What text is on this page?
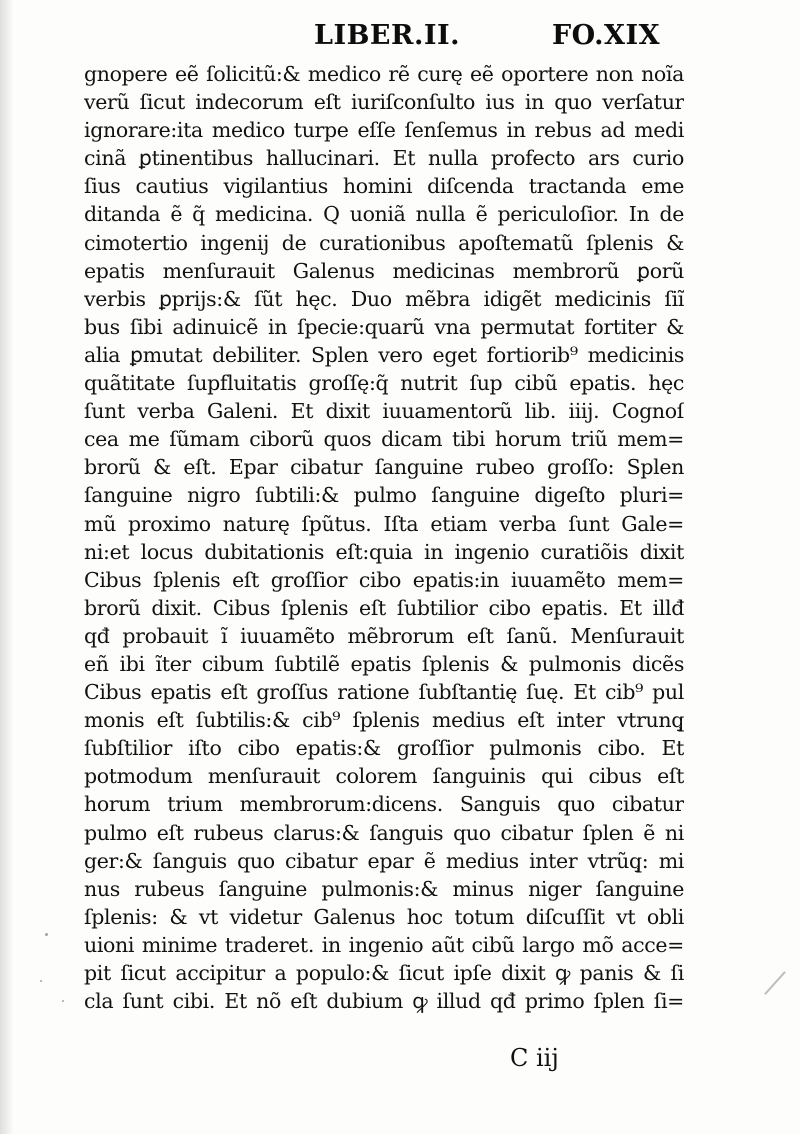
LIBER.II.	FO.XIX
gnopere eẽ ſolicitũ:& medico rẽ curę eẽ oportere non noĩa
verũ ſicut indecorum eſt iuriſconſulto ius in quo verſatur
ignorare:ita medico turpe eſſe ſenſemus in rebus ad medi
cinã ꝑtinentibus hallucinari. Et nulla profecto ars curio
ſius cautius vigilantius homini diſcenda tractanda eme
ditanda ẽ q̃ medicina. Q uoniã nulla ẽ periculoſior. In de
cimotertio ingenij de curationibus apoſtematũ ſplenis &
epatis menſurauit Galenus medicinas membrorũ ꝑorũ
verbis ꝑprijs:& ſũt hęc. Duo mẽbra idigẽt medicinis ſiĩ
bus ſibi adinuicẽ in ſpecie:quarũ vna permutat fortiter &
alia ꝑmutat debiliter. Splen vero eget fortiorib⁹ medicinis
quãtitate ſupfluitatis groſſę:q̃ nutrit ſup cibũ epatis. hęc
ſunt verba Galeni. Et dixit iuuamentorũ lib. iiij. Cognoſ
cea me ſũmam ciborũ quos dicam tibi horum triũ mem=
brorũ & eſt. Epar cibatur ſanguine rubeo groſſo: Splen
ſanguine nigro ſubtili:& pulmo ſanguine digeſto pluri=
mũ proximo naturę ſpũtus. Iſta etiam verba ſunt Gale=
ni:et locus dubitationis eſt:quia in ingenio curatiõis dixit
Cibus ſplenis eſt groſſior cibo epatis:in iuuamẽto mem=
brorũ dixit. Cibus ſplenis eſt ſubtilior cibo epatis. Et illđ
qđ probauit ĩ iuuamẽto mẽbrorum eſt ſanũ. Menſurauit
eñ ibi ĩter cibum ſubtilẽ epatis ſplenis & pulmonis dicẽs
Cibus epatis eſt groſſus ratione ſubſtantię ſuę. Et cib⁹ pul
monis eſt ſubtilis:& cib⁹ ſplenis medius eſt inter vtrunq̧
ſubſtilior iſto cibo epatis:& groſſior pulmonis cibo. Et
potmodum menſurauit colorem ſanguinis qui cibus eſt
horum trium membrorum:dicens. Sanguis quo cibatur
pulmo eſt rubeus clarus:& ſanguis quo cibatur ſplen ẽ ni
ger:& ſanguis quo cibatur epar ẽ medius inter vtrũq̧: mi
nus rubeus ſanguine pulmonis:& minus niger ſanguine
ſplenis: & vt videtur Galenus hoc totum diſcuſſit vt obli
uioni minime traderet. in ingenio aũt cibũ largo mõ acce=
pit ſicut accipitur a populo:& ſicut ipſe dixit ꝙ panis & ſi
cla ſunt cibi. Et nõ eſt dubium ꝙ illud qđ primo ſplen ſi=
C iij
